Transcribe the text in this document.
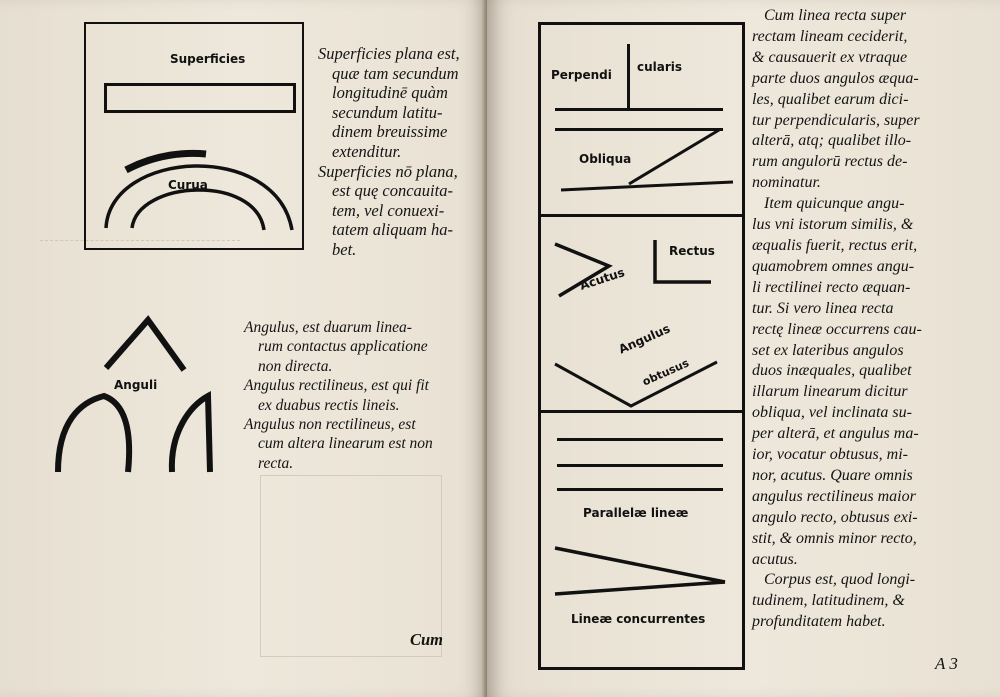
Superficies
Curua
Superficies plana est,
quæ tam secundum
longitudinē quàm
secundum latitu-
dinem breuissime
extenditur.
Superficies nō plana,
est quę concauita-
tem, vel conuexi-
tatem aliquam ha-
bet.
Anguli
Angulus, est duarum linea-
rum contactus applicatione
non directa.
Angulus rectilineus, est qui fit
ex duabus rectis lineis.
Angulus non rectilineus, est
cum altera linearum est non
recta.
Cum
Perpendi
cularis
Obliqua
Acutus
Rectus
Angulus
obtusus
Parallelæ lineæ
Lineæ concurrentes
Cum linea recta super
rectam lineam ceciderit,
& causauerit ex vtraque
parte duos angulos æqua-
les, qualibet earum dici-
tur perpendicularis, super
alterā, atq; qualibet illo-
rum angulorū rectus de-
nominatur.
Item quicunque angu-
lus vni istorum similis, &
æqualis fuerit, rectus erit,
quamobrem omnes angu-
li rectilinei recto æquan-
tur. Si vero linea recta
rectę lineæ occurrens cau-
set ex lateribus angulos
duos inæquales, qualibet
illarum linearum dicitur
obliqua, vel inclinata su-
per alterā, et angulus ma-
ior, vocatur obtusus, mi-
nor, acutus. Quare omnis
angulus rectilineus maior
angulo recto, obtusus exi-
stit, & omnis minor recto,
acutus.
Corpus est, quod longi-
tudinem, latitudinem, &
profunditatem habet.
A 3
